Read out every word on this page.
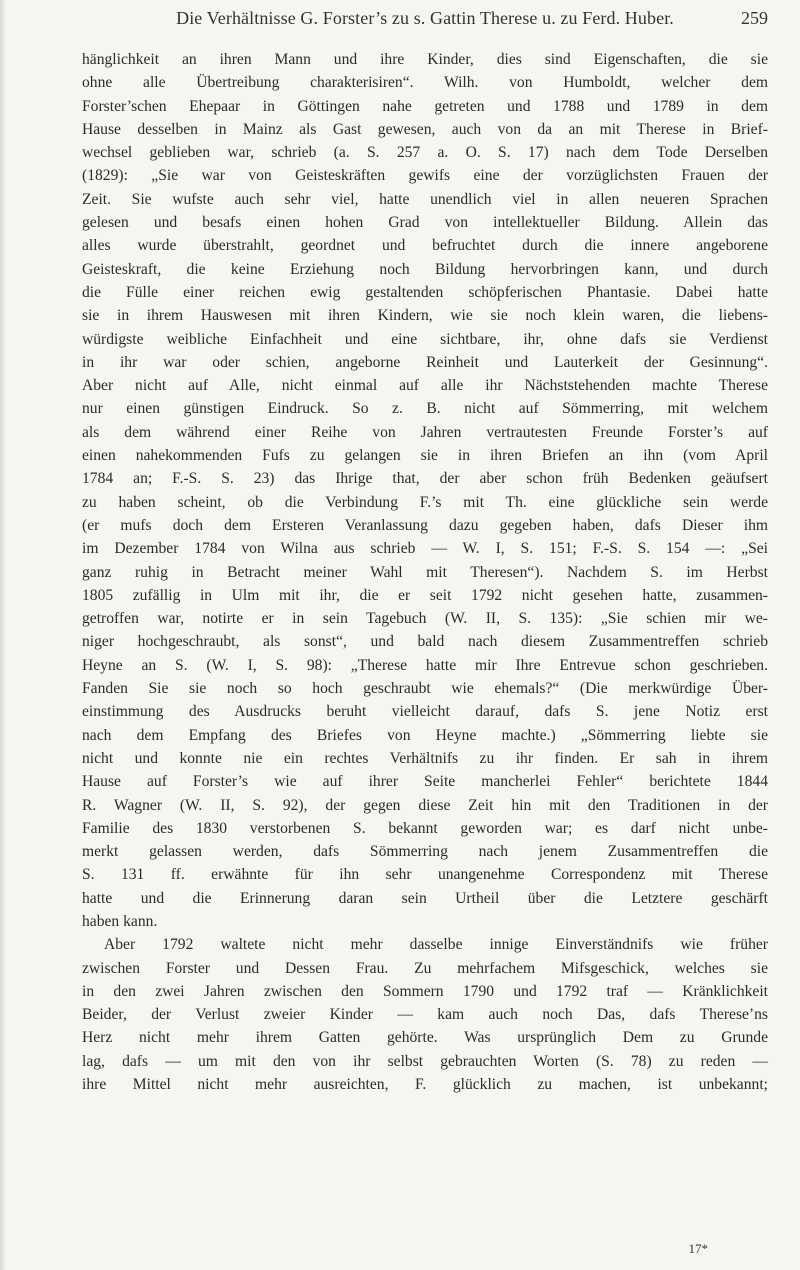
Die Verhältnisse G. Forster’s zu s. Gattin Therese u. zu Ferd. Huber.	259
hänglichkeit an ihren Mann und ihre Kinder, dies sind Eigenschaften, die sie
ohne alle Übertreibung charakterisiren“. Wilh. von Humboldt, welcher dem
Forster’schen Ehepaar in Göttingen nahe getreten und 1788 und 1789 in dem
Hause desselben in Mainz als Gast gewesen, auch von da an mit Therese in Brief-
wechsel geblieben war, schrieb (a. S. 257 a. O. S. 17) nach dem Tode Derselben
(1829): „Sie war von Geisteskräften gewifs eine der vorzüglichsten Frauen der
Zeit. Sie wufste auch sehr viel, hatte unendlich viel in allen neueren Sprachen
gelesen und besafs einen hohen Grad von intellektueller Bildung. Allein das
alles wurde überstrahlt, geordnet und befruchtet durch die innere angeborene
Geisteskraft, die keine Erziehung noch Bildung hervorbringen kann, und durch
die Fülle einer reichen ewig gestaltenden schöpferischen Phantasie. Dabei hatte
sie in ihrem Hauswesen mit ihren Kindern, wie sie noch klein waren, die liebens-
würdigste weibliche Einfachheit und eine sichtbare, ihr, ohne dafs sie Verdienst
in ihr war oder schien, angeborne Reinheit und Lauterkeit der Gesinnung“.
Aber nicht auf Alle, nicht einmal auf alle ihr Nächststehenden machte Therese
nur einen günstigen Eindruck. So z. B. nicht auf Sömmerring, mit welchem
als dem während einer Reihe von Jahren vertrautesten Freunde Forster’s auf
einen nahekommenden Fufs zu gelangen sie in ihren Briefen an ihn (vom April
1784 an; F.-S. S. 23) das Ihrige that, der aber schon früh Bedenken geäufsert
zu haben scheint, ob die Verbindung F.’s mit Th. eine glückliche sein werde
(er mufs doch dem Ersteren Veranlassung dazu gegeben haben, dafs Dieser ihm
im Dezember 1784 von Wilna aus schrieb — W. I, S. 151; F.-S. S. 154 —: „Sei
ganz ruhig in Betracht meiner Wahl mit Theresen“). Nachdem S. im Herbst
1805 zufällig in Ulm mit ihr, die er seit 1792 nicht gesehen hatte, zusammen-
getroffen war, notirte er in sein Tagebuch (W. II, S. 135): „Sie schien mir we-
niger hochgeschraubt, als sonst“, und bald nach diesem Zusammentreffen schrieb
Heyne an S. (W. I, S. 98): „Therese hatte mir Ihre Entrevue schon geschrieben.
Fanden Sie sie noch so hoch geschraubt wie ehemals?“ (Die merkwürdige Über-
einstimmung des Ausdrucks beruht vielleicht darauf, dafs S. jene Notiz erst
nach dem Empfang des Briefes von Heyne machte.) „Sömmerring liebte sie
nicht und konnte nie ein rechtes Verhältnifs zu ihr finden. Er sah in ihrem
Hause auf Forster’s wie auf ihrer Seite mancherlei Fehler“ berichtete 1844
R. Wagner (W. II, S. 92), der gegen diese Zeit hin mit den Traditionen in der
Familie des 1830 verstorbenen S. bekannt geworden war; es darf nicht unbe-
merkt gelassen werden, dafs Sömmerring nach jenem Zusammentreffen die
S. 131 ff. erwähnte für ihn sehr unangenehme Correspondenz mit Therese
hatte und die Erinnerung daran sein Urtheil über die Letztere geschärft
haben kann.
Aber 1792 waltete nicht mehr dasselbe innige Einverständnifs wie früher
zwischen Forster und Dessen Frau. Zu mehrfachem Mifsgeschick, welches sie
in den zwei Jahren zwischen den Sommern 1790 und 1792 traf — Kränklichkeit
Beider, der Verlust zweier Kinder — kam auch noch Das, dafs Therese’ns
Herz nicht mehr ihrem Gatten gehörte. Was ursprünglich Dem zu Grunde
lag, dafs — um mit den von ihr selbst gebrauchten Worten (S. 78) zu reden —
ihre Mittel nicht mehr ausreichten, F. glücklich zu machen, ist unbekannt;
17*
